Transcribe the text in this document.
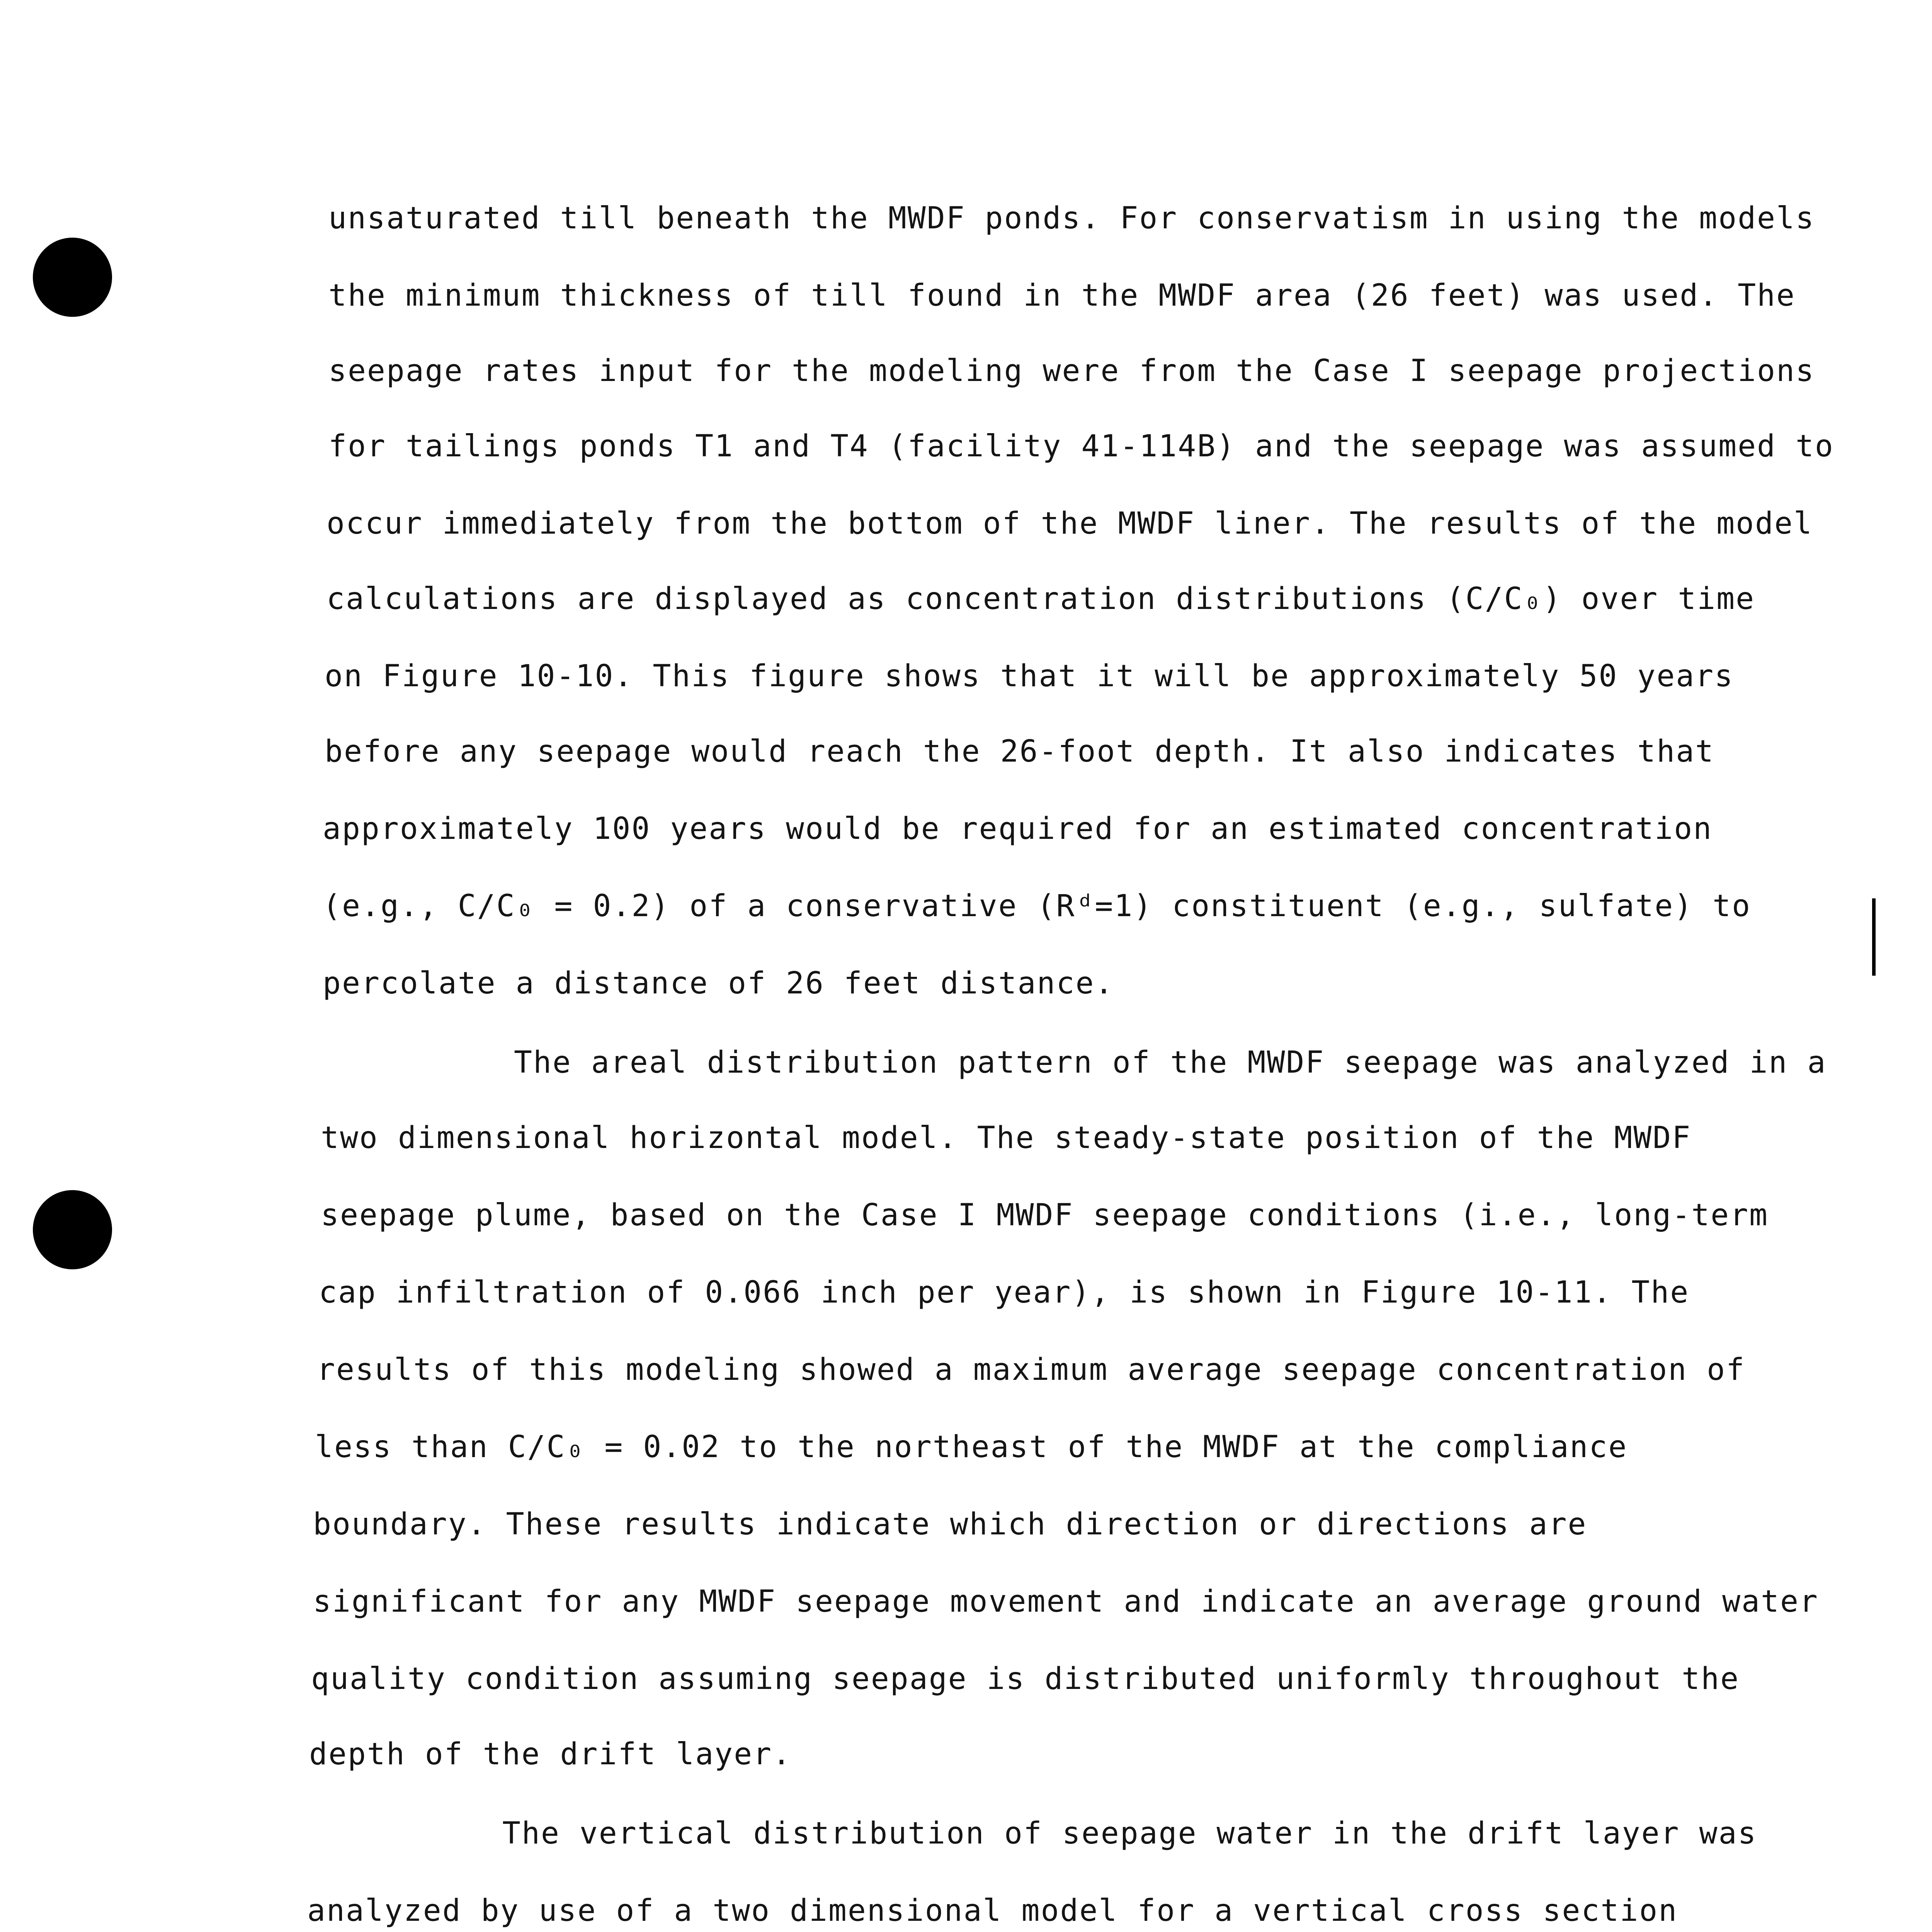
unsaturated till beneath the MWDF ponds. For conservatism in using the models
the minimum thickness of till found in the MWDF area (26 feet) was used. The
seepage rates input for the modeling were from the Case I seepage projections
for tailings ponds T1 and T4 (facility 41-114B) and the seepage was assumed to
occur immediately from the bottom of the MWDF liner. The results of the model
calculations are displayed as concentration distributions (C/C₀) over time
on Figure 10-10. This figure shows that it will be approximately 50 years
before any seepage would reach the 26-foot depth. It also indicates that
approximately 100 years would be required for an estimated concentration
(e.g., C/C₀ = 0.2) of a conservative (Rᵈ=1) constituent (e.g., sulfate) to
percolate a distance of 26 feet distance.
The areal distribution pattern of the MWDF seepage was analyzed in a
two dimensional horizontal model. The steady-state position of the MWDF
seepage plume, based on the Case I MWDF seepage conditions (i.e., long-term
cap infiltration of 0.066 inch per year), is shown in Figure 10-11. The
results of this modeling showed a maximum average seepage concentration of
less than C/C₀ = 0.02 to the northeast of the MWDF at the compliance
boundary. These results indicate which direction or directions are
significant for any MWDF seepage movement and indicate an average ground water
quality condition assuming seepage is distributed uniformly throughout the
depth of the drift layer.
The vertical distribution of seepage water in the drift layer was
analyzed by use of a two dimensional model for a vertical cross section
